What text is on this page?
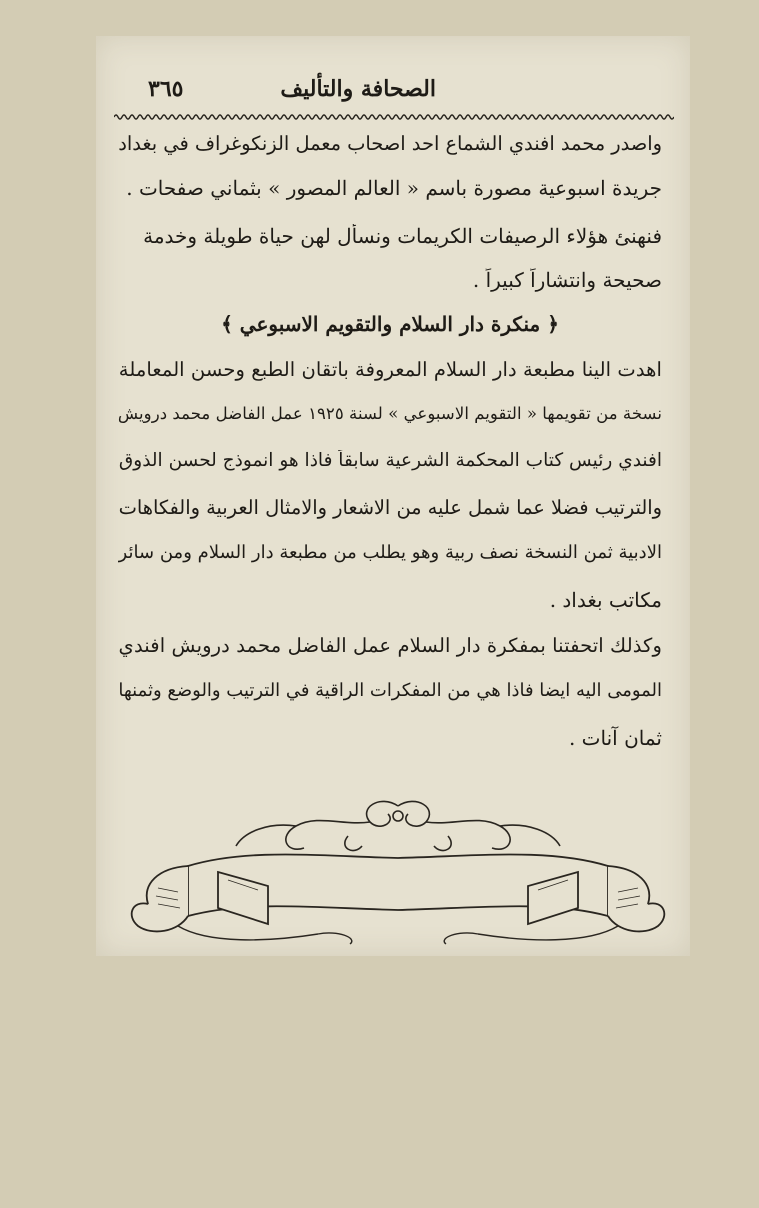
الصحافة والتأليف
٣٦٥
واصدر محمد افندي الشماع احد اصحاب معمل الزنكوغراف في بغداد
جريدة اسبوعية مصورة باسم « العالم المصور » بثماني صفحات .
فنهنئ هؤلاء الرصيفات الكريمات ونسأل لهن حياة طويلة وخدمة
صحيحة وانتشاراً كبيراً .
﴿ منكرة دار السلام والتقويم الاسبوعي ﴾
اهدت الينا مطبعة دار السلام المعروفة باتقان الطبع وحسن المعاملة
نسخة من تقويمها « التقويم الاسبوعي » لسنة ١٩٢٥ عمل الفاضل محمد درويش
افندي رئيس كتاب المحكمة الشرعية سابقاً فاذا هو انموذج لحسن الذوق
والترتيب فضلا عما شمل عليه من الاشعار والامثال العربية والفكاهات
الادبية ثمن النسخة نصف ربية وهو يطلب من مطبعة دار السلام ومن سائر
مكاتب بغداد .
وكذلك اتحفتنا بمفكرة دار السلام عمل الفاضل محمد درويش افندي
المومى اليه ايضا فاذا هي من المفكرات الراقية في الترتيب والوضع وثمنها
ثمان آنات .
